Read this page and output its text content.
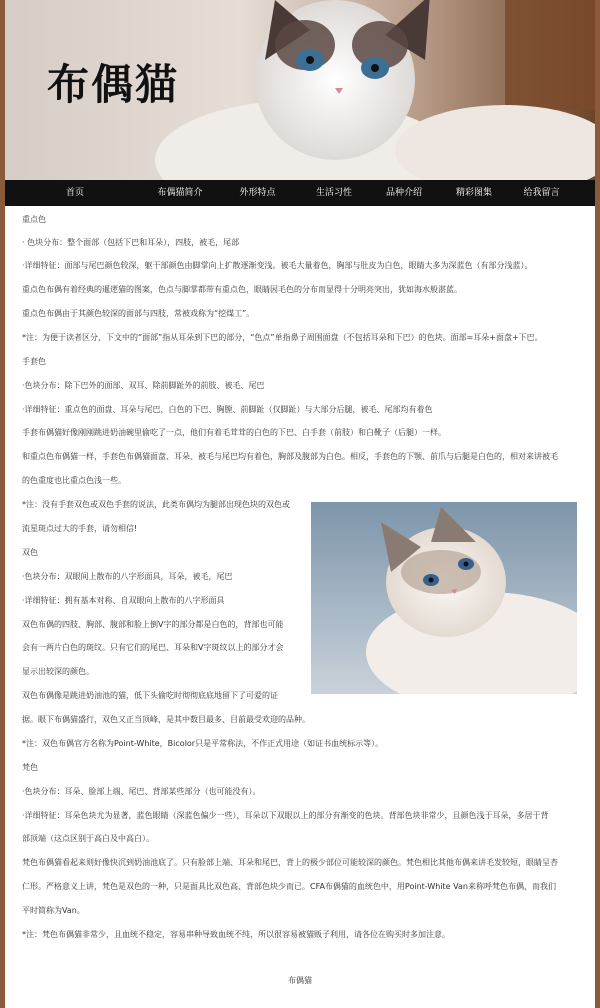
布偶猫
首页	布偶猫简介	外形特点	生活习性	品种介绍	精彩图集	给我留言

重点色

· 色块分布：整个面部（包括下巴和耳朵），四肢，被毛，尾部

·详细特征：面部与尾巴颜色较深，躯干部颜色由脚掌向上扩散逐渐变浅。被毛大量着色，胸部与肚皮为白色，眼睛大多为深蓝色（有部分浅蓝）。

重点色布偶有着经典的暹逻猫的图案，色点与脚掌都带有重点色，眼睛因毛色的分布而显得十分明亮突出，犹如海水般湛蓝。

重点色布偶由于其颜色较深的面部与四肢，常被戏称为“挖煤工”。

*注：为便于读者区分，下文中的“面部”指从耳朵到下巴的部分，“色点”单指鼻子周围面盘（不包括耳朵和下巴）的色块。面部=耳朵+面盘+下巴。

手套色

·色块分布：除下巴外的面部、双耳、除前脚趾外的前肢、被毛、尾巴

·详细特征：重点色的面盘、耳朵与尾巴，白色的下巴、胸膛、前脚趾（仅脚趾）与大部分后腿，被毛、尾部均有着色

手套布偶猫好像刚刚跳进奶油碗里偷吃了一点，他们有着毛茸茸的白色的下巴、白手套（前肢）和白靴子（后腿）一样。

和重点色布偶猫一样，手套色布偶猫面盘、耳朵、被毛与尾巴均有着色，胸部及腹部为白色。相反，手套色的下颚、前爪与后腿是白色的，相对来讲被毛

的色重度也比重点色浅一些。

*注：没有手套双色或双色手套的说法，此类布偶均为腿部出现色块的双色或

流星斑点过大的手套，请勿相信!

双色

·色块分布：双眼间上散布的八字形面具，耳朵，被毛，尾巴

·详细特征：拥有基本对称、自双眼向上散布的八字形面具

双色布偶的四肢、胸部、腹部和脸上倒V字的部分都是白色的，背部也可能

会有一两片白色的斑纹。只有它们的尾巴、耳朵和V字斑纹以上的部分才会

显示出较深的颜色。

双色布偶像是跳进奶油池的猫，低下头偷吃时彻彻底底地留下了可爱的证

据。眼下布偶猫盛行，双色又正当顶峰，是其中数目最多、目前最受欢迎的品种。

*注：双色布偶官方名称为Point-White，Bicolor只是平常称法，不作正式用途（如证书血统标示等）。

梵色

·色块分布：耳朵、脸部上端、尾巴、背部某些部分（也可能没有）。

·详细特征：耳朵色块尤为显著，蓝色眼睛（深蓝色偏少一些），耳朵以下双眼以上的部分有渐变的色块。背部色块非常少，且颜色浅于耳朵，多居于背

部顶端（这点区别于高白及中高白）。

梵色布偶猫看起来则好像快沉到奶油池底了。只有脸部上端、耳朵和尾巴，背上的极少部位可能较深的颜色。梵色相比其他布偶来讲毛发较短，眼睛呈杏

仁形。严格意义上讲，梵色是双色的一种，只是面具比双色高、背部色块少而已。CFA布偶猫的血统色中，用Point-White Van来称呼梵色布偶，而我们

平时简称为Van。

*注：梵色布偶猫非常少，且血统不稳定，容易串种导致血统不纯，所以很容易被猫贩子利用，请各位在购买时多加注意。

布偶猫
